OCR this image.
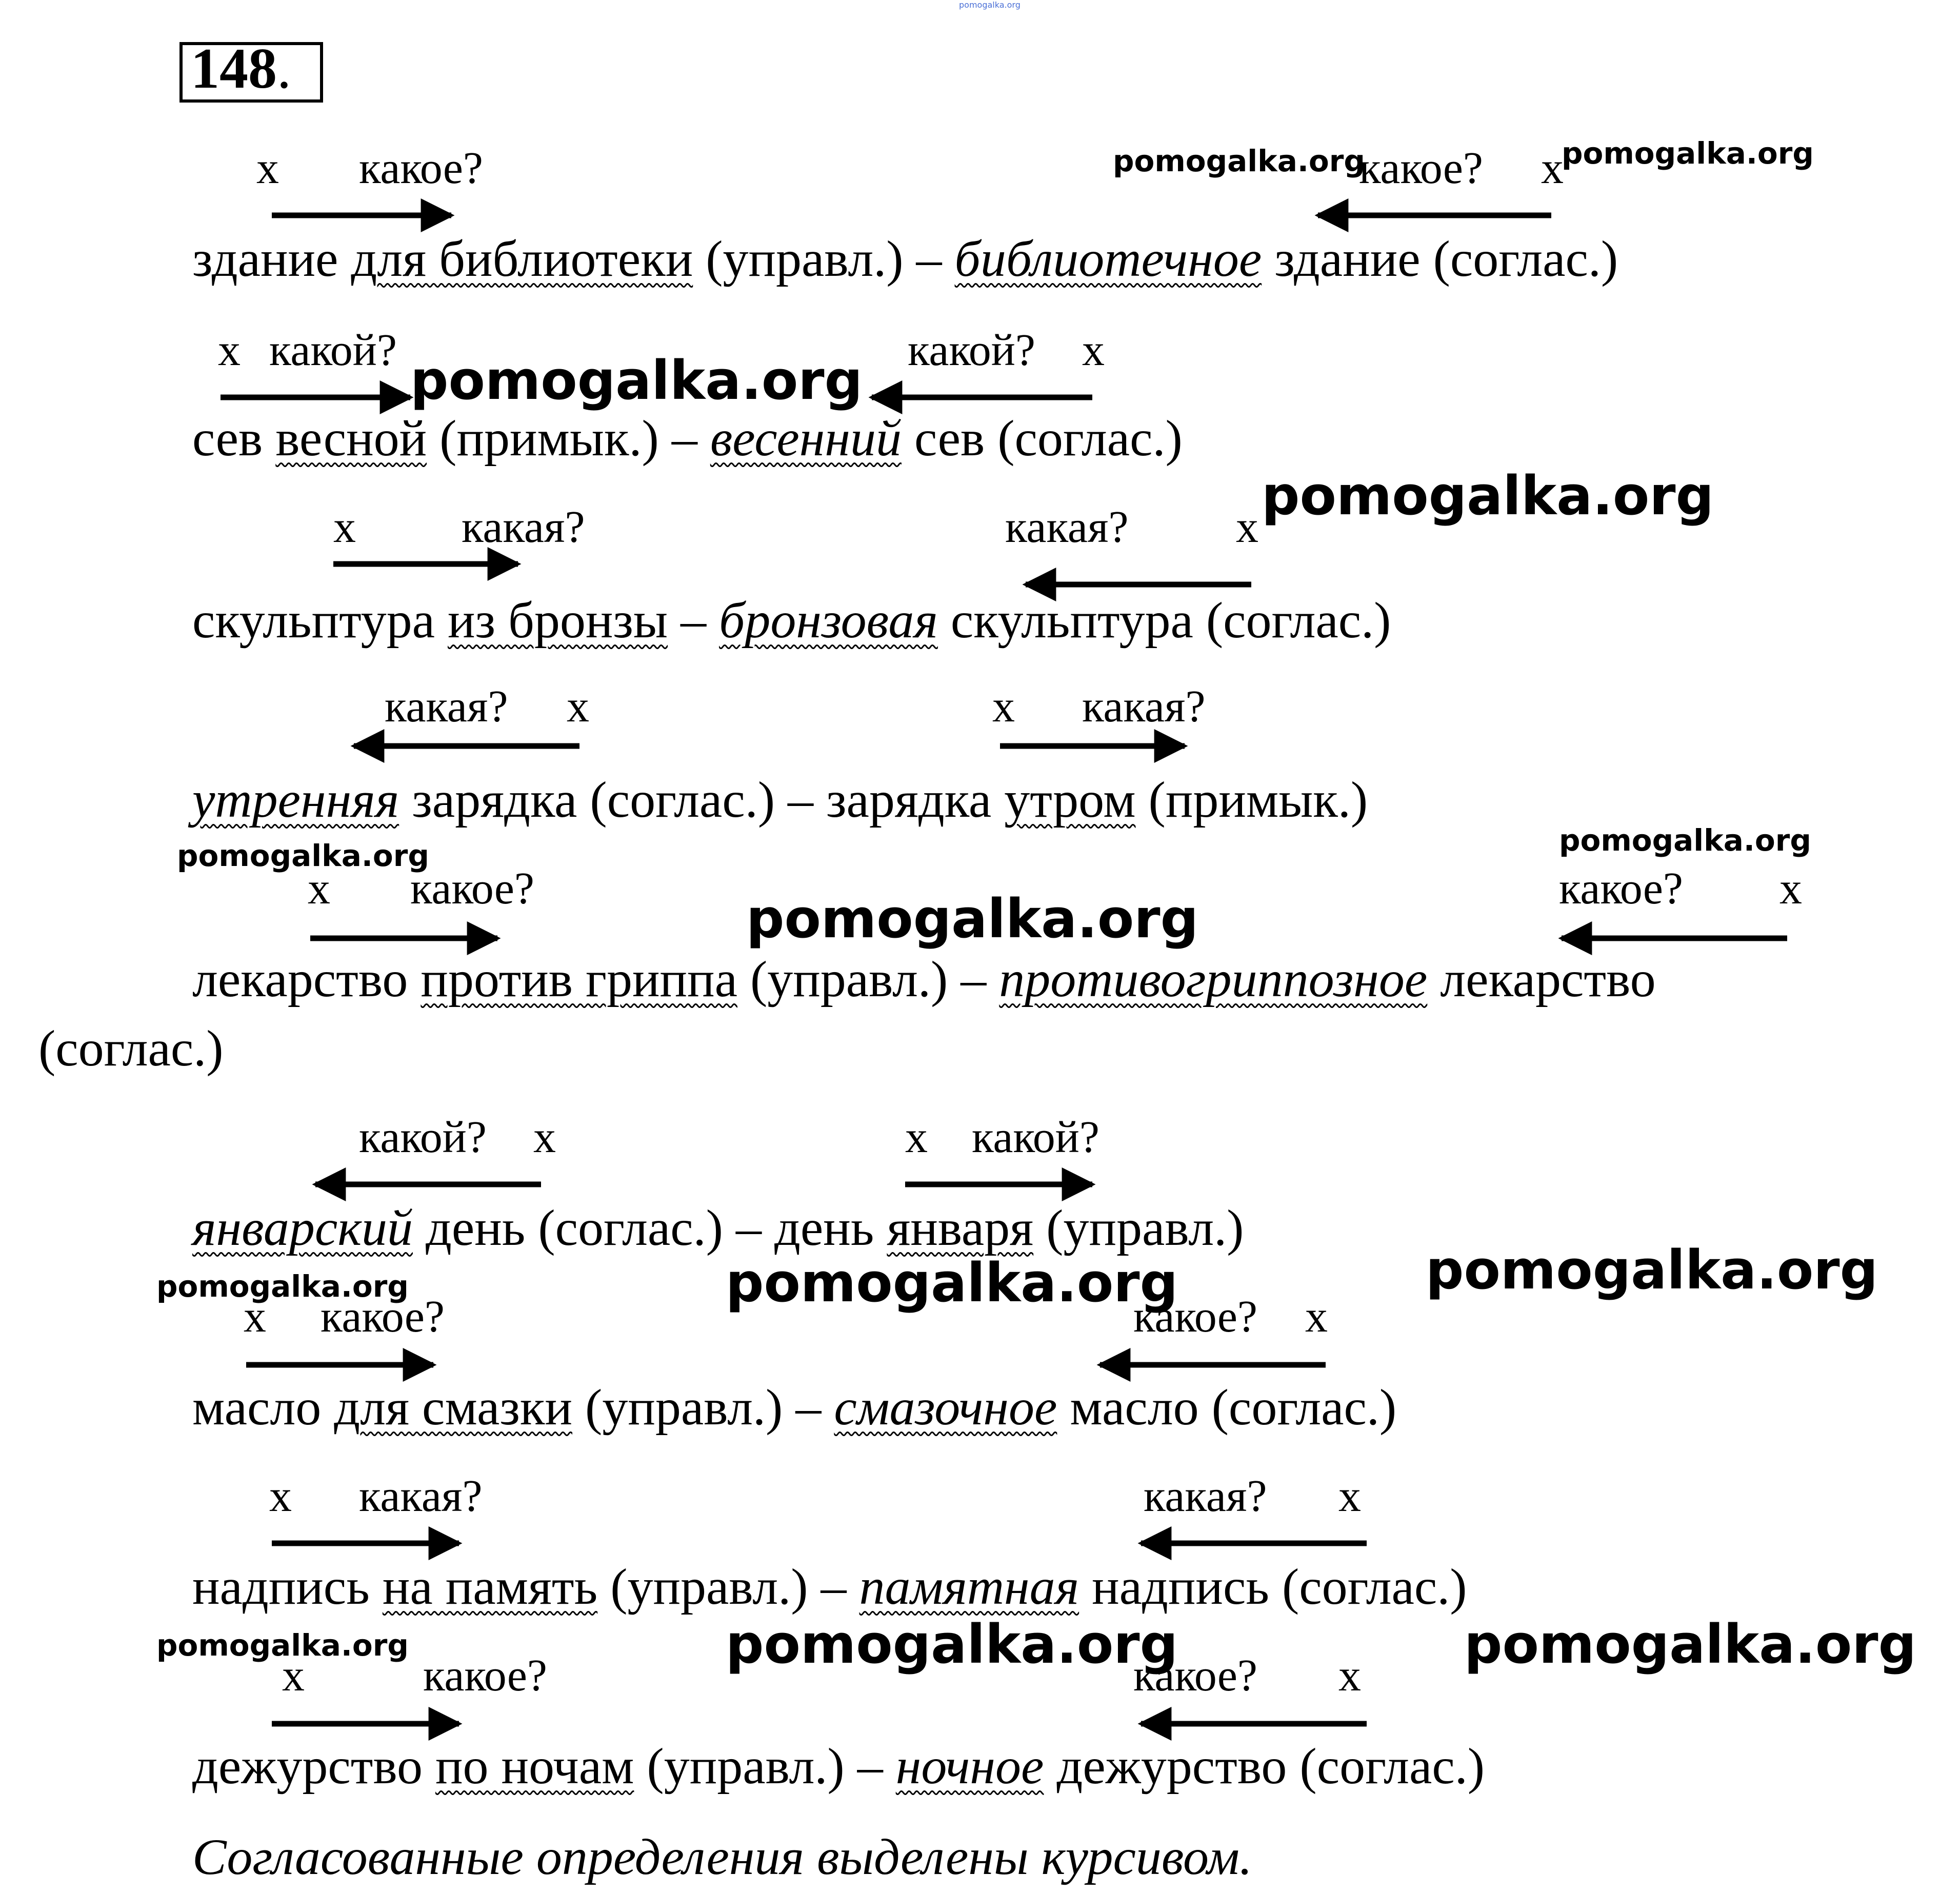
pomogalka.org
148.
x какое?	какое? x
здание для библиотеки (управл.) – библиотечное здание (соглас.)
x какой?	какой? x
сев весной (примык.) – весенний сев (соглас.)
x какая?	какая? x
скульптура из бронзы – бронзовая скульптура (соглас.)
какая? x	x какая?
утренняя зарядка (соглас.) – зарядка утром (примык.)
x какое?	какое? x
лекарство против гриппа (управл.) – противогриппозное лекарство
(соглас.)
какой? x	x какой?
январский день (соглас.) – день января (управл.)
x какое?	какое? x
масло для смазки (управл.) – смазочное масло (соглас.)
x какая?	какая? x
надпись на память (управл.) – памятная надпись (соглас.)
x	какое?	какое? x
дежурство по ночам (управл.) – ночное дежурство (соглас.)
Согласованные определения выделены курсивом.
pomogalka.org	pomogalka.org
pomogalka.org
pomogalka.org
pomogalka.org	pomogalka.org
pomogalka.org
pomogalka.org	pomogalka.org	pomogalka.org
pomogalka.org	pomogalka.org	pomogalka.org
